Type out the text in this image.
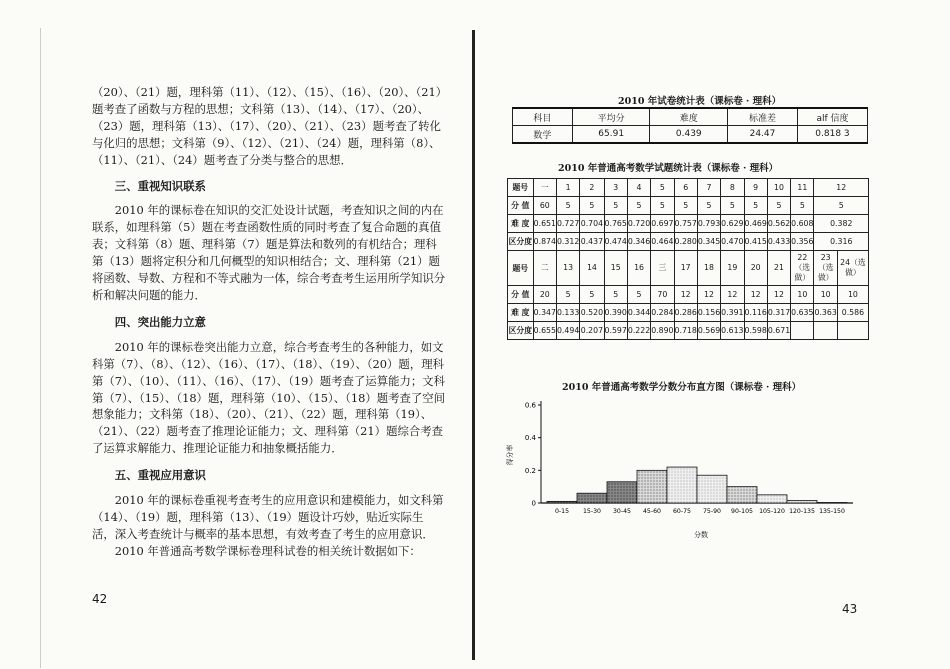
（20）、（21）题，理科第（11）、（12）、（15）、（16）、（20）、（21）题考查了函数与方程的思想；文科第（13）、（14）、（17）、（20）、（23）题，理科第（13）、（17）、（20）、（21）、（23）题考查了转化与化归的思想；文科第（9）、（12）、（21）、（24）题，理科第（8）、（11）、（21）、（24）题考查了分类与整合的思想．

三、重视知识联系

2010 年的课标卷在知识的交汇处设计试题，考查知识之间的内在联系，如理科第（5）题在考查函数性质的同时考查了复合命题的真值表；文科第（8）题、理科第（7）题是算法和数列的有机结合；理科第（13）题将定积分和几何概型的知识相结合；文、理科第（21）题将函数、导数、方程和不等式融为一体，综合考查考生运用所学知识分析和解决问题的能力．

四、突出能力立意

2010 年的课标卷突出能力立意，综合考查考生的各种能力，如文科第（7）、（8）、（12）、（16）、（17）、（18）、（19）、（20）题，理科第（7）、（10）、（11）、（16）、（17）、（19）题考查了运算能力；文科第（7）、（15）、（18）题，理科第（10）、（15）、（18）题考查了空间想象能力；文科第（18）、（20）、（21）、（22）题，理科第（19）、（21）、（22）题考查了推理论证能力；文、理科第（21）题综合考查了运算求解能力、推理论证能力和抽象概括能力．

五、重视应用意识

2010 年的课标卷重视考查考生的应用意识和建模能力，如文科第（14）、（19）题，理科第（13）、（19）题设计巧妙，贴近实际生活，深入考查统计与概率的基本思想，有效考查了考生的应用意识．

2010 年普通高考数学课标卷理科试卷的相关统计数据如下：

42
2010 年试卷统计表（课标卷 · 理科）
科目	平均分	难度	标准差	alf 信度
数学	65.91	0.439	24.47	0.818 3
2010 年普通高考数学试题统计表（课标卷 · 理科）
题号	一	1	2	3	4	5	6	7	8	9	10	11	12	
分 值	60	5	5	5	5	5	5	5	5	5	5	5	5	
难 度	0.651	0.727	0.704	0.765	0.720	0.697	0.757	0.793	0.629	0.469	0.562	0.608	0.382	
区分度	0.874	0.312	0.437	0.474	0.346	0.464	0.280	0.345	0.470	0.415	0.433	0.356	0.316	
题号	二	13	14	15	16	三	17	18	19	20	21	22（选做）	23（选做）	24（选做）
分 值	20	5	5	5	5	70	12	12	12	12	12	10	10	10
难 度	0.347	0.133	0.520	0.390	0.344	0.284	0.286	0.156	0.391	0.116	0.317	0.635	0.363	0.586
区分度	0.655	0.494	0.207	0.597	0.222	0.890	0.718	0.569	0.613	0.598	0.671			
2010 年普通高考数学分数分布直方图（课标卷 · 理科）
得分率
分数
0.6
0.4
0.2
0
0-15 15-30 30-45 45-60 60-75 75-90 90-105 105-120 120-135 135-150
43
